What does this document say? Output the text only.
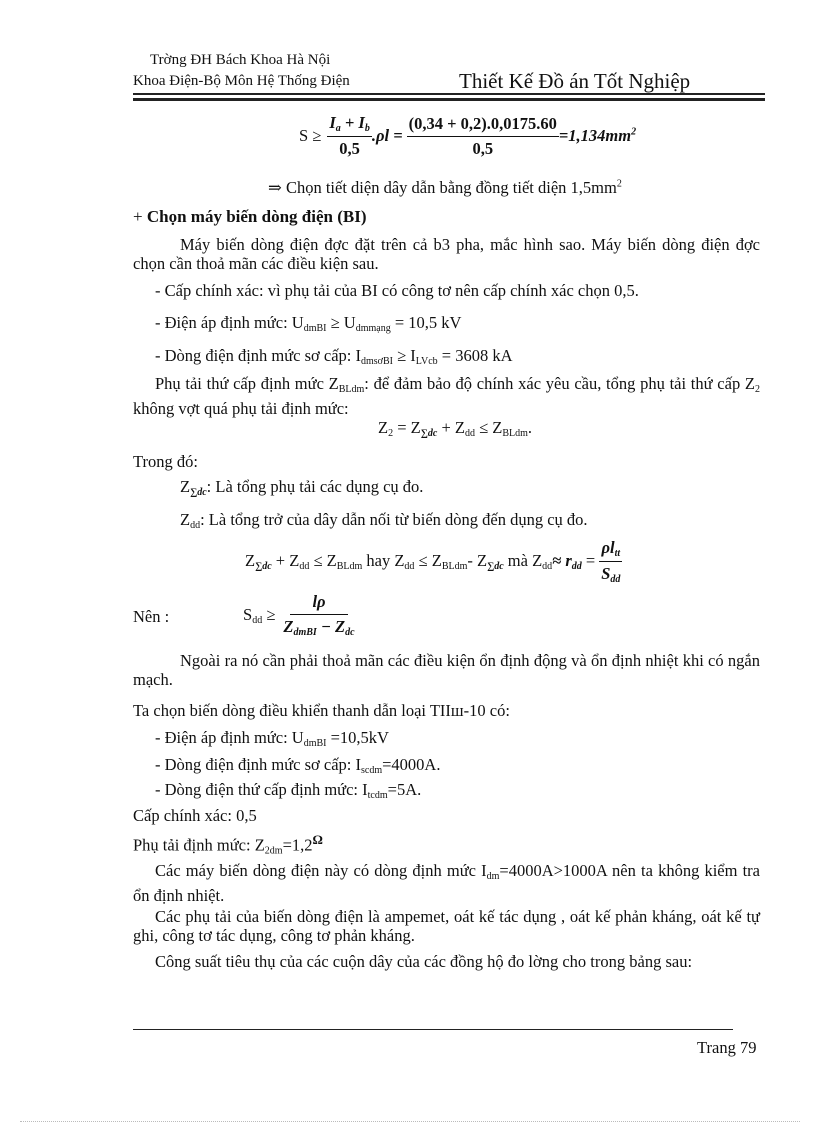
Trờng ĐH Bách Khoa Hà Nội
Khoa Điện-Bộ Môn Hệ Thống Điện	Thiết Kế Đồ án Tốt Nghiệp
$S \ge \frac{I_a + I_b}{0,5} .\rho l = \frac{(0,34 + 0,2).0,0175.60}{0,5} =1,134mm^2$
⇒ Chọn tiết diện dây dẫn bằng đồng tiết diện $1,5mm^2$
+ Chọn máy biến dòng điện (BI)
Máy biến dòng điện đợc đặt trên cả b3 pha, mắc hình sao. Máy biến dòng điện đợc chọn cần thoả mãn các điều kiện sau.
- Cấp chính xác: vì phụ tải của BI có công tơ nên cấp chính xác chọn 0,5.
- Điện áp định mức: $U_{dmBI} \ge U_{dmmạng} = 10,5$ kV
- Dòng điện định mức sơ cấp: $I_{dmsơBI} \ge I_{LVcb} = 3608$ kA
Phụ tải thứ cấp định mức $Z_{BLdm}$: để đảm bảo độ chính xác yêu cầu, tổng phụ tải thứ cấp $Z_2$ không vợt quá phụ tải định mức:
$Z_2 = Z_{\sum dc} + Z_{dd} \le Z_{BLdm}$.
Trong đó:
$Z_{\sum dc}$: Là tổng phụ tải các dụng cụ đo.
$Z_{dd}$: Là tổng trở của dây dẫn nối từ biến dòng đến dụng cụ đo.
$Z_{\sum dc} + Z_{dd} \le Z_{BLdm}$ hay $Z_{dd} \le Z_{BLdm}-$ $Z_{\sum dc}$ mà $Z_{dd}\approx r_{dd} = \frac{\rho l_{tt}}{S_{dd}}$
Nên :	$S_{dd} \ge \frac{l\rho}{Z_{dmBI} - Z_{dc}}$
Ngoài ra nó cần phải thoả mãn các điều kiện ổn định động và ổn định nhiệt khi có ngắn mạch.
Ta chọn biến dòng điều khiển thanh dẫn loại TIIш-10 có:
- Điện áp định mức: $U_{dmBI} =10,5kV$
- Dòng điện định mức sơ cấp: $I_{scdm}=4000A$.
- Dòng điện thứ cấp định mức: $I_{tcdm}=5A$.
Cấp chính xác: 0,5
Phụ tải định mức: $Z_{2dm}=1,2^\Omega$
Các máy biến dòng điện này có dòng định mức $I_{dm}=4000A>1000A$ nên ta không kiểm tra ổn định nhiệt.
Các phụ tải của biến dòng điện là ampemet, oát kế tác dụng , oát kế phản kháng, oát kế tự ghi, công tơ tác dụng, công tơ phản kháng.
Công suất tiêu thụ của các cuộn dây của các đồng hộ đo lờng cho trong bảng sau:
Trang 79
